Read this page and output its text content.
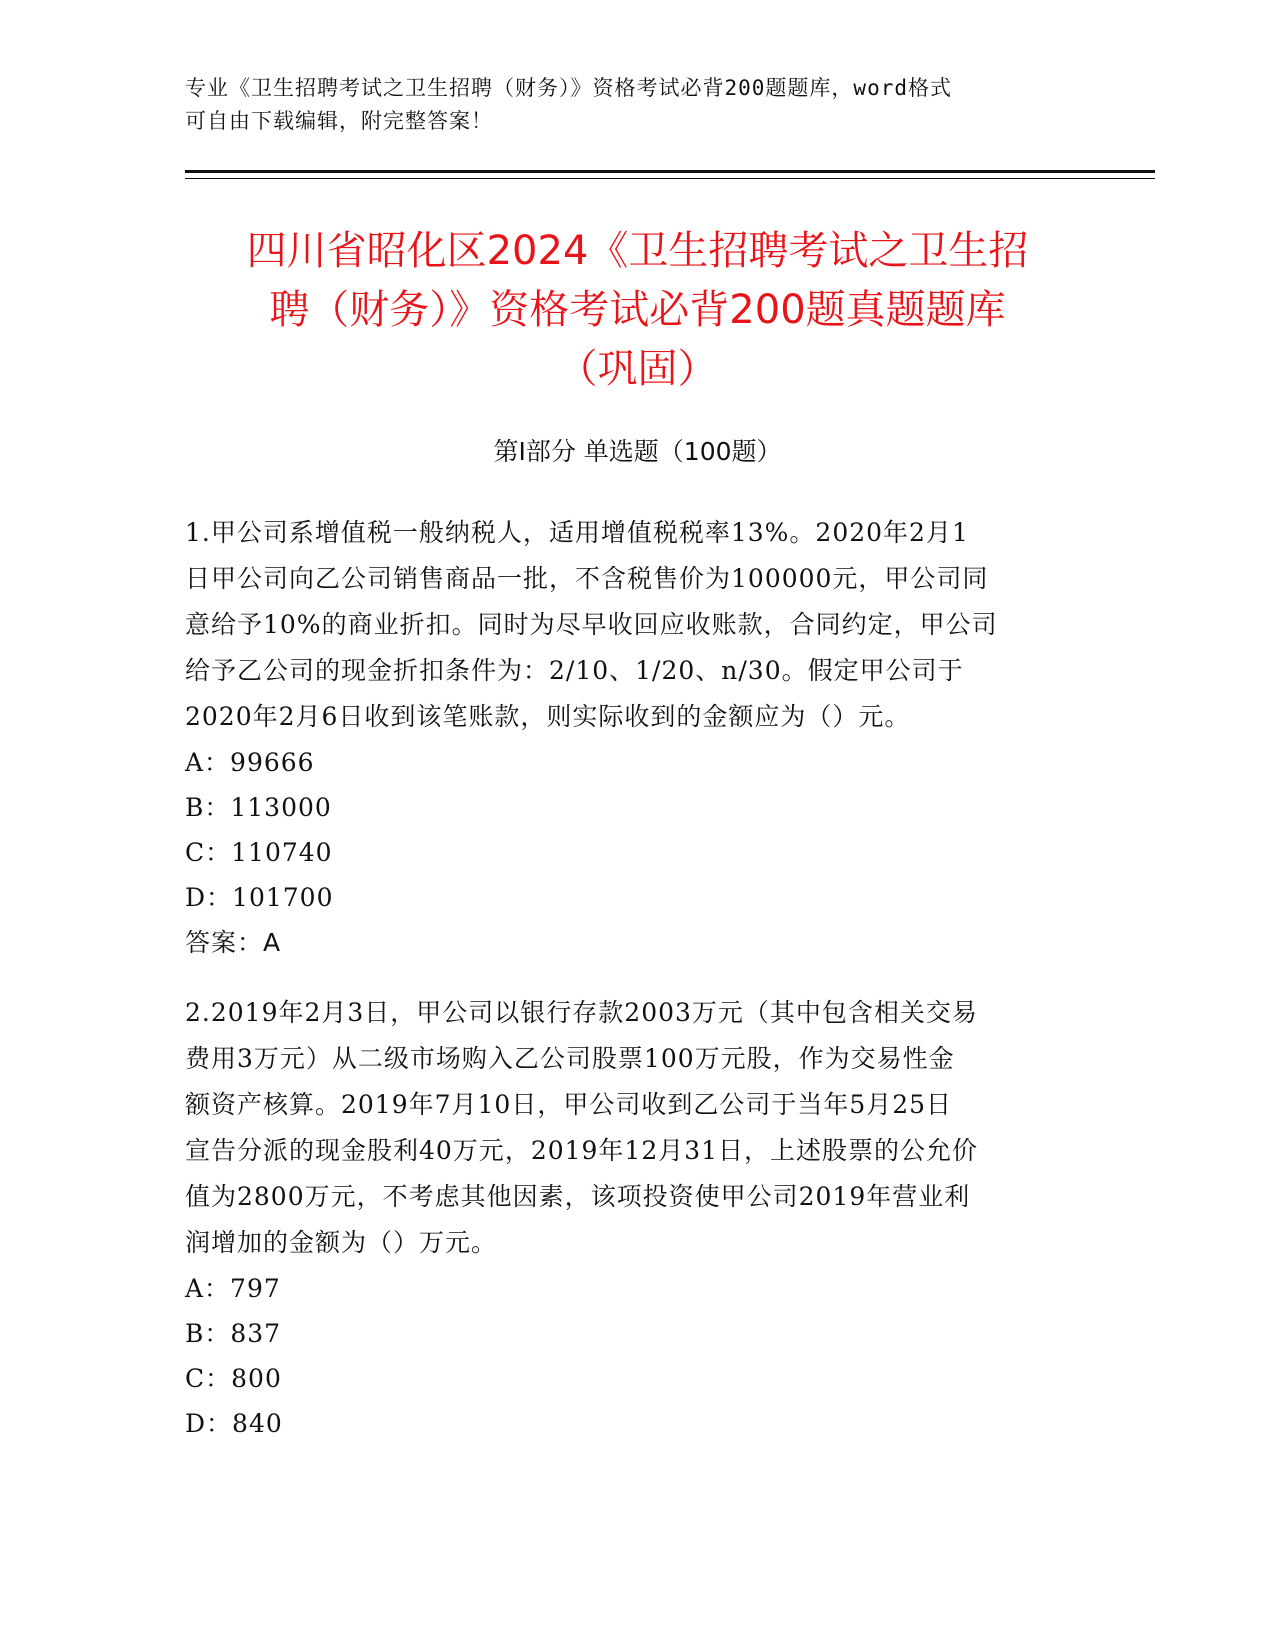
专业《卫生招聘考试之卫生招聘（财务）》资格考试必背200题题库，word格式
可自由下载编辑，附完整答案！
四川省昭化区2024《卫生招聘考试之卫生招
聘（财务）》资格考试必背200题真题题库
（巩固）
第I部分 单选题（100题）
1.甲公司系增值税一般纳税人，适用增值税税率13%。2020年2月1
日甲公司向乙公司销售商品一批，不含税售价为100000元，甲公司同
意给予10%的商业折扣。同时为尽早收回应收账款，合同约定，甲公司
给予乙公司的现金折扣条件为：2/10、1/20、n/30。假定甲公司于
2020年2月6日收到该笔账款，则实际收到的金额应为（）元。
A：99666
B：113000
C：110740
D：101700
答案：A
2.2019年2月3日，甲公司以银行存款2003万元（其中包含相关交易
费用3万元）从二级市场购入乙公司股票100万元股，作为交易性金
额资产核算。2019年7月10日，甲公司收到乙公司于当年5月25日
宣告分派的现金股利40万元，2019年12月31日，上述股票的公允价
值为2800万元，不考虑其他因素，该项投资使甲公司2019年营业利
润增加的金额为（）万元。
A：797
B：837
C：800
D：840
